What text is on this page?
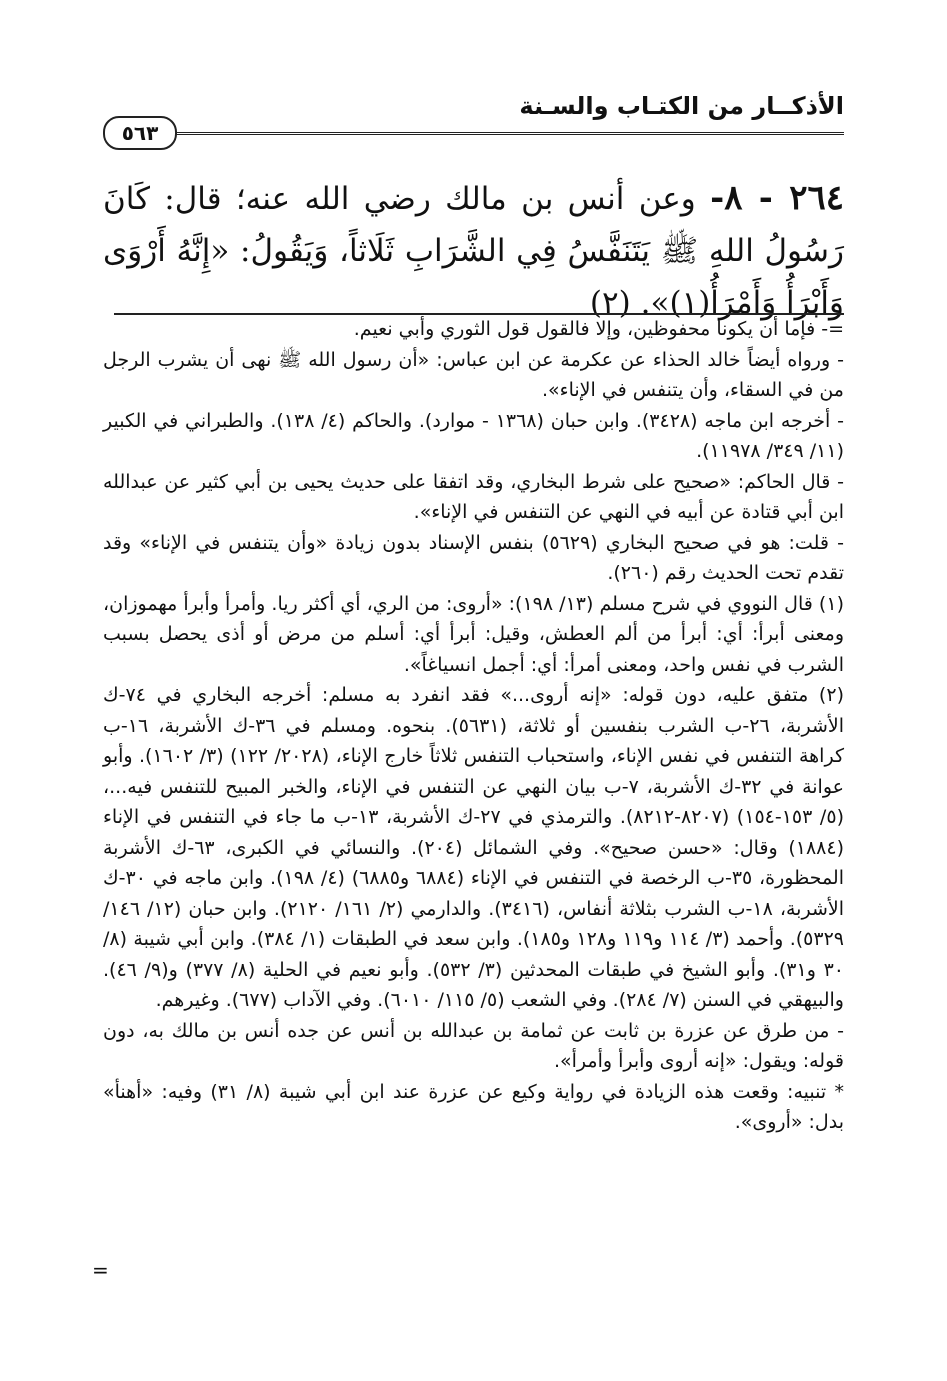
الأذكــار من الكتـاب والسـنة
٥٦٣
٢٦٤ - ٨- وعن أنس بن مالك رضي الله عنه؛ قال: كَانَ رَسُولُ اللهِ ﷺ يَتَنَفَّسُ فِي الشَّرَابِ ثَلَاثاً، وَيَقُولُ: «إِنَّهُ أَرْوَى وَأَبْرَأُ وَأَمْرَأُ(١)». (٢)

=- فإما أن يكونا محفوظين، وإلا فالقول قول الثوري وأبي نعيم.

- ورواه أيضاً خالد الحذاء عن عكرمة عن ابن عباس: «أن رسول الله ﷺ نهى أن يشرب الرجل من في السقاء، وأن يتنفس في الإناء».

- أخرجه ابن ماجه (٣٤٢٨). وابن حبان (١٣٦٨ - موارد). والحاكم (٤/ ١٣٨). والطبراني في الكبير (١١/ ٣٤٩/ ١١٩٧٨).

- قال الحاكم: «صحيح على شرط البخاري، وقد اتفقا على حديث يحيى بن أبي كثير عن عبدالله ابن أبي قتادة عن أبيه في النهي عن التنفس في الإناء».

- قلت: هو في صحيح البخاري (٥٦٢٩) بنفس الإسناد بدون زيادة «وأن يتنفس في الإناء» وقد تقدم تحت الحديث رقم (٢٦٠).

(١) قال النووي في شرح مسلم (١٣/ ١٩٨): «أروى: من الري، أي أكثر ريا. وأمرأ وأبرأ مهموزان، ومعنى أبرأ: أي: أبرأ من ألم العطش، وقيل: أبرأ أي: أسلم من مرض أو أذى يحصل بسبب الشرب في نفس واحد، ومعنى أمرأ: أي: أجمل انسياغاً».

(٢) متفق عليه، دون قوله: «إنه أروى...» فقد انفرد به مسلم: أخرجه البخاري في ٧٤-ك الأشربة، ٢٦-ب الشرب بنفسين أو ثلاثة، (٥٦٣١). بنحوه. ومسلم في ٣٦-ك الأشربة، ١٦-ب كراهة التنفس في نفس الإناء، واستحباب التنفس ثلاثاً خارج الإناء، (٢٠٢٨/ ١٢٢) (٣/ ١٦٠٢). وأبو عوانة في ٣٢-ك الأشربة، ٧-ب بيان النهي عن التنفس في الإناء، والخبر المبيح للتنفس فيه...، (٥/ ١٥٣-١٥٤) (٨٢٠٧-٨٢١٢). والترمذي في ٢٧-ك الأشربة، ١٣-ب ما جاء في التنفس في الإناء (١٨٨٤) وقال: «حسن صحيح». وفي الشمائل (٢٠٤). والنسائي في الكبرى، ٦٣-ك الأشربة المحظورة، ٣٥-ب الرخصة في التنفس في الإناء (٦٨٨٤ و٦٨٨٥) (٤/ ١٩٨). وابن ماجه في ٣٠-ك الأشربة، ١٨-ب الشرب بثلاثة أنفاس، (٣٤١٦). والدارمي (٢/ ١٦١/ ٢١٢٠). وابن حبان (١٢/ ١٤٦/ ٥٣٢٩). وأحمد (٣/ ١١٤ و١١٩ و١٢٨ و١٨٥). وابن سعد في الطبقات (١/ ٣٨٤). وابن أبي شيبة (٨/ ٣٠ و٣١). وأبو الشيخ في طبقات المحدثين (٣/ ٥٣٢). وأبو نعيم في الحلية (٨/ ٣٧٧) و(٩/ ٤٦). والبيهقي في السنن (٧/ ٢٨٤). وفي الشعب (٥/ ١١٥/ ٦٠١٠). وفي الآداب (٦٧٧). وغيرهم.

- من طرق عن عزرة بن ثابت عن ثمامة بن عبدالله بن أنس عن جده أنس بن مالك به، دون قوله: ويقول: «إنه أروى وأبرأ وأمرأ».

* تنبيه: وقعت هذه الزيادة في رواية وكيع عن عزرة عند ابن أبي شيبة (٨/ ٣١) وفيه: «أهنأ» بدل: «أروى».

=
